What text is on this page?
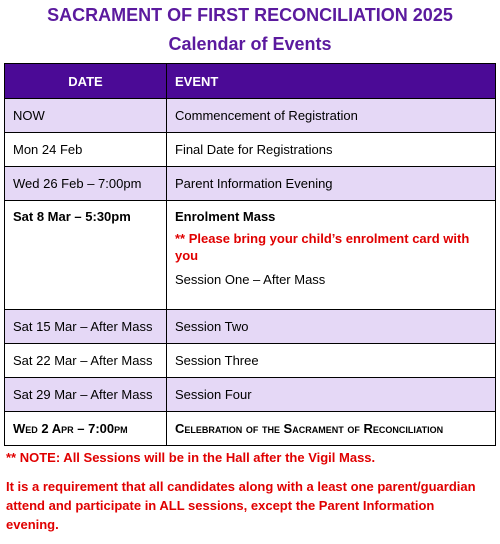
SACRAMENT OF FIRST RECONCILIATION 2025
Calendar of Events
DATE	EVENT
NOW	Commencement of Registration
Mon 24 Feb	Final Date for Registrations
Wed 26 Feb – 7:00pm	Parent Information Evening
Sat 8 Mar – 5:30pm	Enrolment Mass
** Please bring your child’s enrolment card with you
Session One – After Mass

Sat 15 Mar – After Mass	Session Two
Sat 22 Mar – After Mass	Session Three
Sat 29 Mar – After Mass	Session Four
Wed 2 Apr – 7:00pm	Celebration of the Sacrament of Reconciliation
** NOTE: All Sessions will be in the Hall after the Vigil Mass.
It is a requirement that all candidates along with a least one parent/guardian attend and participate in ALL sessions, except the Parent Information evening.
